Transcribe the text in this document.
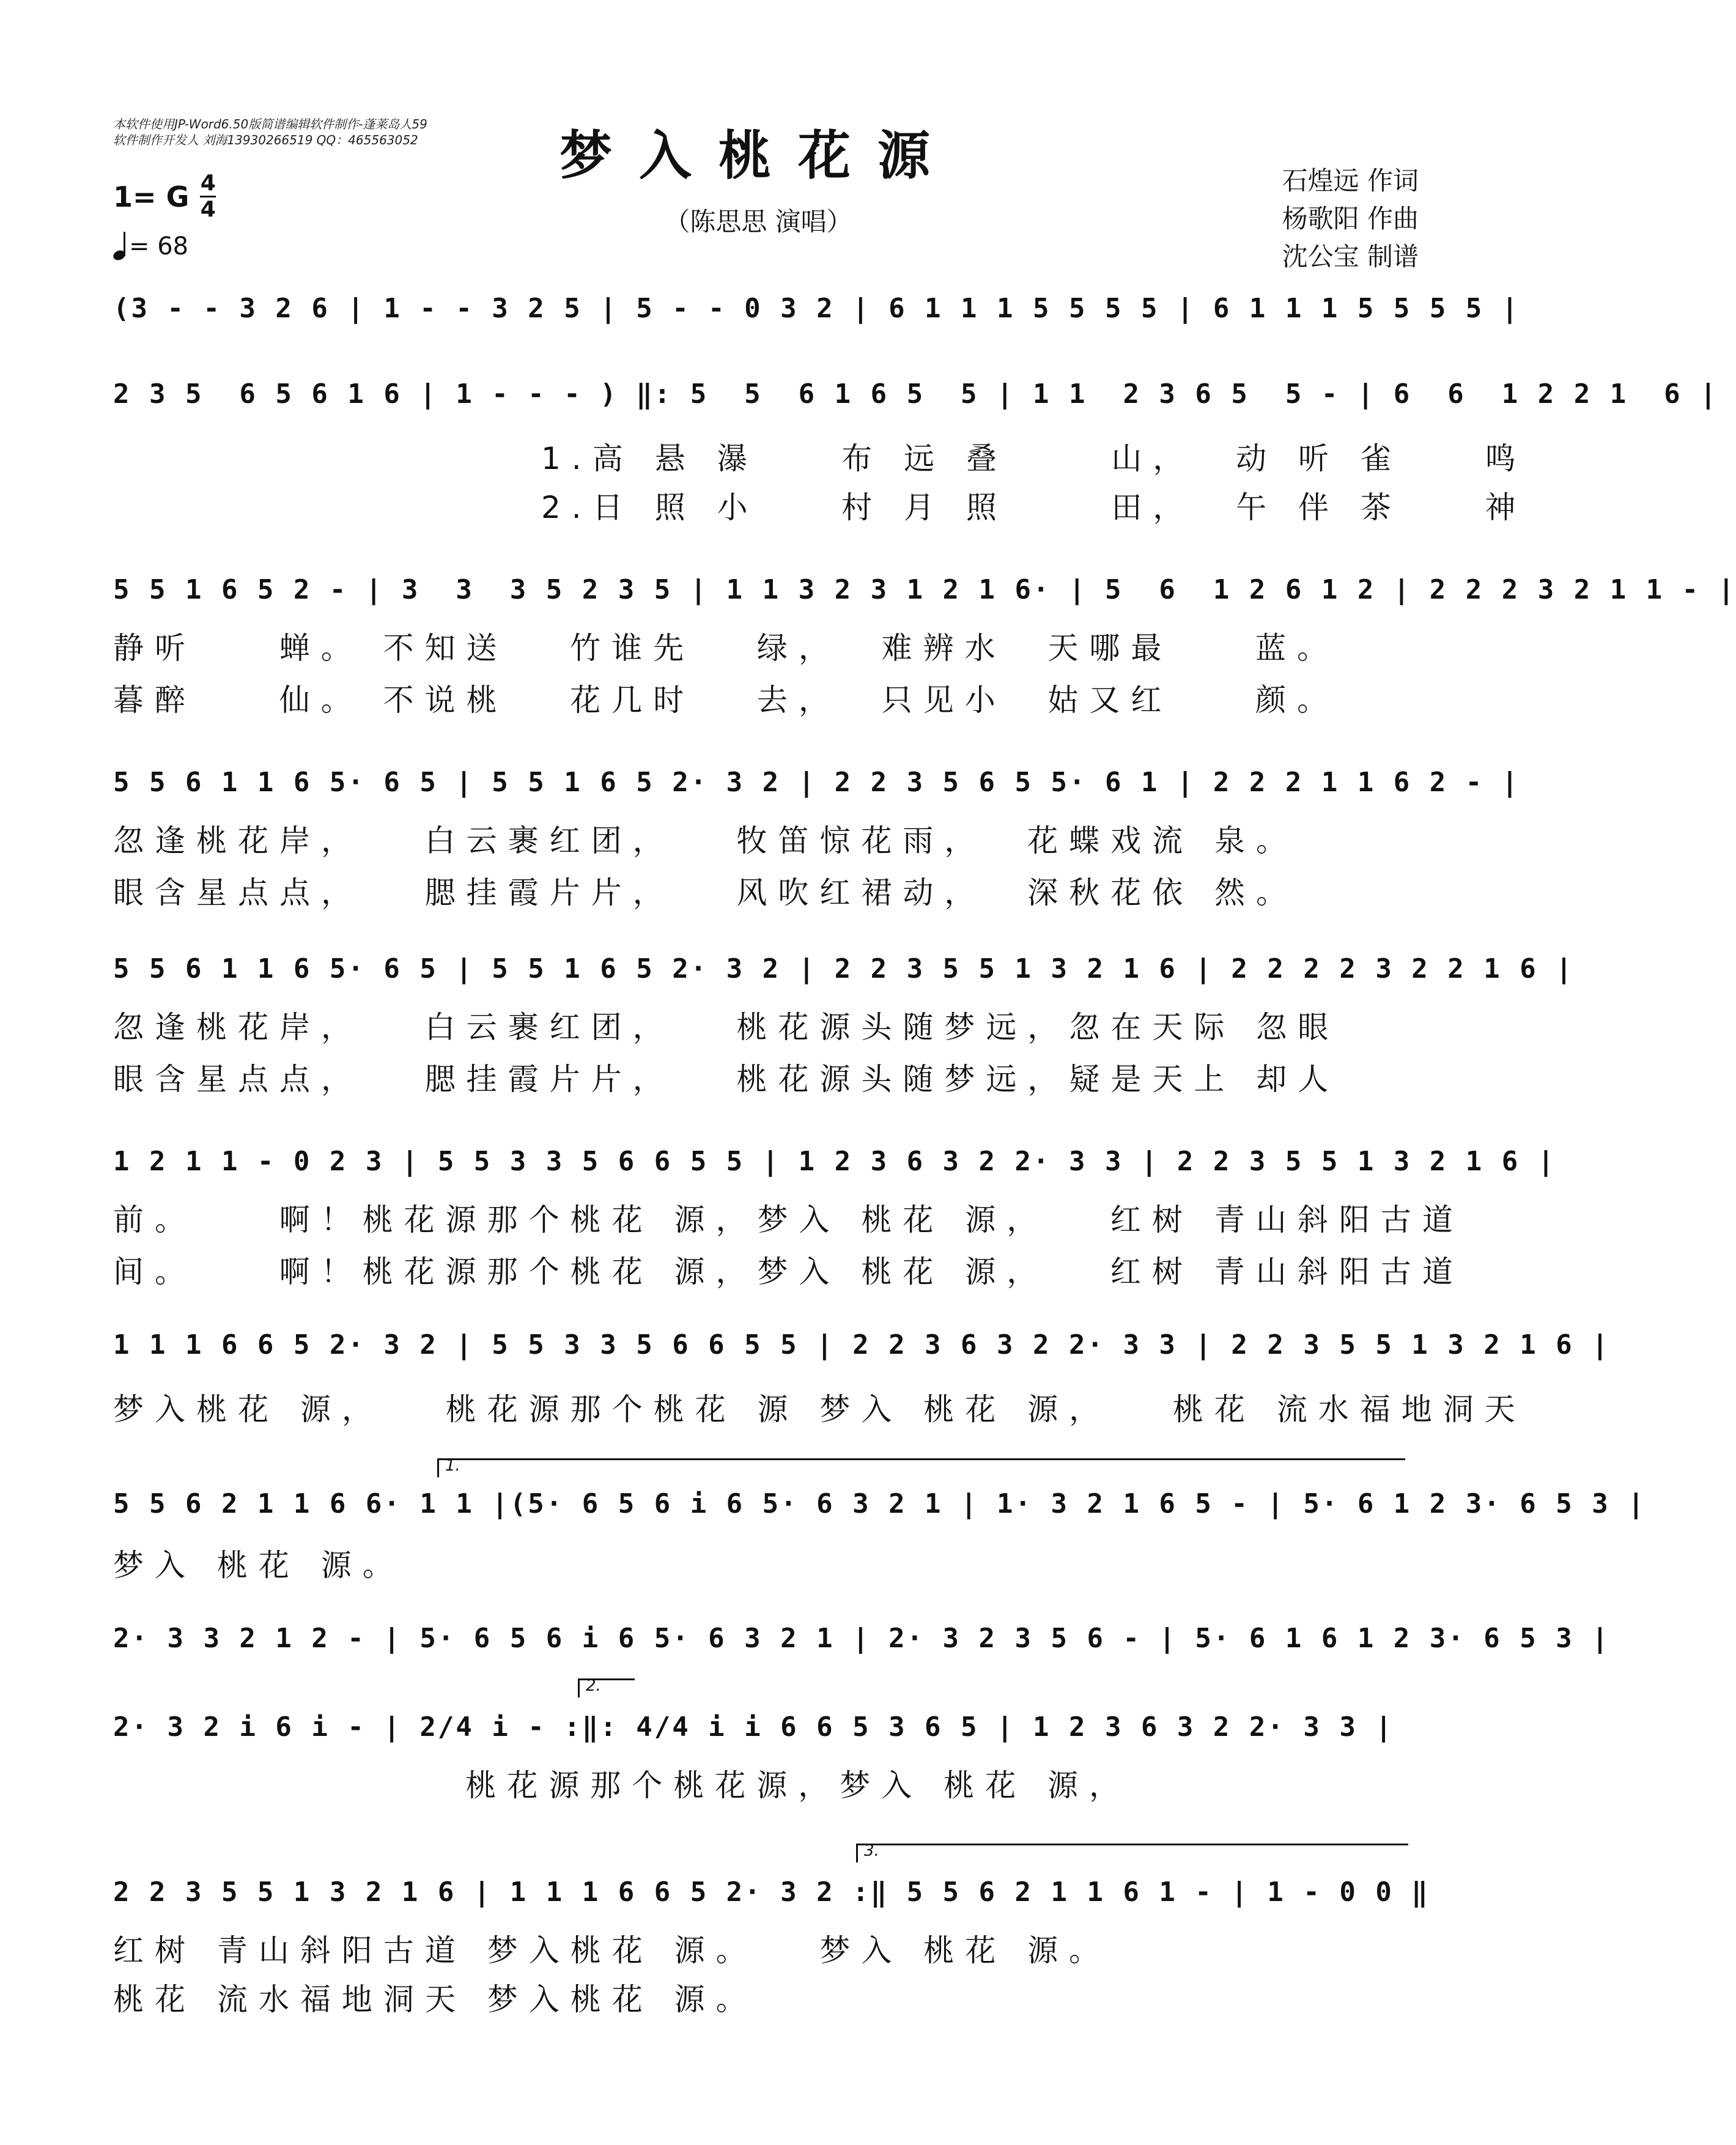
本软件使用JP-Word6.50版简谱编辑软件制作-蓬莱岛人59
软件制作开发人 刘海13930266519 QQ：465563052	梦入桃花源
（陈思思 演唱）
石煌远 作词
杨歌阳 作曲
沈公宝 制谱
1= G 4
4
= 68
(3 - - 3 2 6 | 1 - - 3 2 5 | 5 - - 0 3 2 | 6 1 1 1 5 5 5 5 | 6 1 1 1 5 5 5 5 |
2 3 5  6 5 6 1 6 | 1 - - - ) ‖: 5  5  6 1 6 5  5 | 1 1  2 3 6 5  5 - | 6  6  1 2 2 1  6 |
1.高 悬 瀑    布 远 叠     山，  动 听 雀    鸣
2.日 照 小    村 月 照     田，  午 伴 茶    神
5 5 1 6 5 2 - | 3  3  3 5 2 3 5 | 1 1 3 2 3 1 2 1 6· | 5  6  1 2 6 1 2 | 2 2 2 3 2 1 1 - |
静听    蝉。 不知送   竹谁先   绿，  难辨水  天哪最    蓝。
暮醉    仙。 不说桃   花几时   去，  只见小  姑又红    颜。
5 5 6 1 1 6 5· 6 5 | 5 5 1 6 5 2· 3 2 | 2 2 3 5 6 5 5· 6 1 | 2 2 2 1 1 6 2 - |
忽逢桃花岸，   白云裹红团，   牧笛惊花雨，  花蝶戏流 泉。
眼含星点点，   腮挂霞片片，   风吹红裙动，  深秋花依 然。
5 5 6 1 1 6 5· 6 5 | 5 5 1 6 5 2· 3 2 | 2 2 3 5 5 1 3 2 1 6 | 2 2 2 2 3 2 2 1 6 |
忽逢桃花岸，   白云裹红团，   桃花源头随梦远，忽在天际 忽眼
眼含星点点，   腮挂霞片片，   桃花源头随梦远，疑是天上 却人
1 2 1 1 - 0 2 3 | 5 5 3 3 5 6 6 5 5 | 1 2 3 6 3 2 2· 3 3 | 2 2 3 5 5 1 3 2 1 6 |
前。    啊！桃花源那个桃花 源，梦入 桃花 源，   红树 青山斜阳古道
间。    啊！桃花源那个桃花 源，梦入 桃花 源，   红树 青山斜阳古道
1 1 1 6 6 5 2· 3 2 | 5 5 3 3 5 6 6 5 5 | 2 2 3 6 3 2 2· 3 3 | 2 2 3 5 5 1 3 2 1 6 |
梦入桃花 源，   桃花源那个桃花 源 梦入 桃花 源，   桃花 流水福地洞天
1.
5 5 6 2 1 1 6 6· 1 1 |(5· 6 5 6 i 6 5· 6 3 2 1 | 1· 3 2 1 6 5 - | 5· 6 1 2 3· 6 5 3 |
梦入 桃花 源。
2· 3 3 2 1 2 - | 5· 6 5 6 i 6 5· 6 3 2 1 | 2· 3 2 3 5 6 - | 5· 6 1 6 1 2 3· 6 5 3 |
2.
2· 3 2 i 6 i - | 2/4 i - :‖: 4/4 i i 6 6 5 3 6 5 | 1 2 3 6 3 2 2· 3 3 |
桃花源那个桃花源，梦入 桃花 源，
3.
2 2 3 5 5 1 3 2 1 6 | 1 1 1 6 6 5 2· 3 2 :‖ 5 5 6 2 1 1 6 1 - | 1 - 0 0 ‖
红树 青山斜阳古道 梦入桃花 源。   梦入 桃花 源。
桃花 流水福地洞天 梦入桃花 源。
